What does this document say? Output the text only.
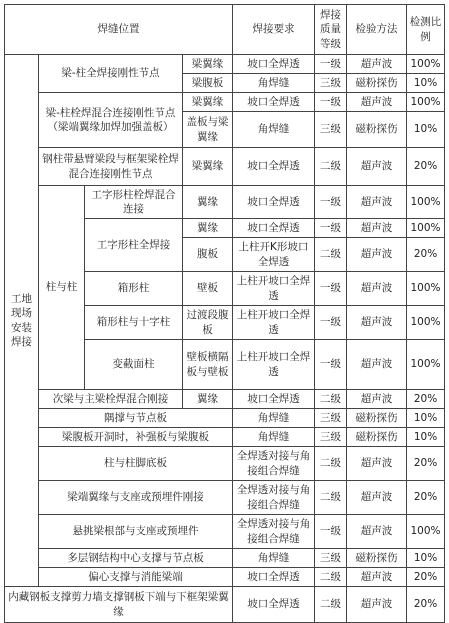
焊缝位置				焊接要求	焊接质量等级	检验方法	检测比例
工地现场安装焊接	梁-柱全焊接刚性节点		梁翼缘	坡口全焊透	一级	超声波	100%
			梁腹板	角焊缝	三级	磁粉探伤	10%
	梁-柱栓焊混合连接刚性节点（梁端翼缘加焊加强盖板）		梁翼缘	坡口全焊透	一级	超声波	100%
			盖板与梁翼缘	角焊缝	三级	磁粉探伤	10%
	钢柱带悬臂梁段与框架梁栓焊混合连接刚性节点		梁翼缘	坡口全焊透	二级	超声波	20%
	柱与柱	工字形柱栓焊混合连接	翼缘	坡口全焊透	一级	超声波	100%
		工字形柱全焊接	翼缘	坡口全焊透	一级	超声波	100%
			腹板	上柱开K形坡口全焊透	二级	超声波	20%
		箱形柱	壁板	上柱开坡口全焊透	一级	超声波	100%
		箱形柱与十字柱	过渡段腹板	上柱开坡口全焊透	一级	超声波	100%
		变截面柱	壁板横隔板与壁板	上柱开坡口全焊透	一级	超声波	100%
	次梁与主梁栓焊混合刚接		翼缘	坡口全焊透	二级	超声波	20%
	隅撑与节点板			角焊缝	三级	磁粉探伤	10%
	梁腹板开洞时，补强板与梁腹板			角焊缝	三级	磁粉探伤	10%
	柱与柱脚底板			全焊透对接与角接组合焊缝	二级	超声波	20%
	梁端翼缘与支座或预埋件刚接			全焊透对接与角接组合焊缝	二级	超声波	20%
	悬挑梁根部与支座或预埋件			全焊透对接与角接组合焊缝	一级	超声波	100%
	多层钢结构中心支撑与节点板			角焊缝	三级	磁粉探伤	10%
	偏心支撑与消能梁端			坡口全焊透	二级	超声波	20%
内藏钢板支撑剪力墙支撑钢板下端与下框架梁翼缘				坡口全焊透	二级	超声波	20%
